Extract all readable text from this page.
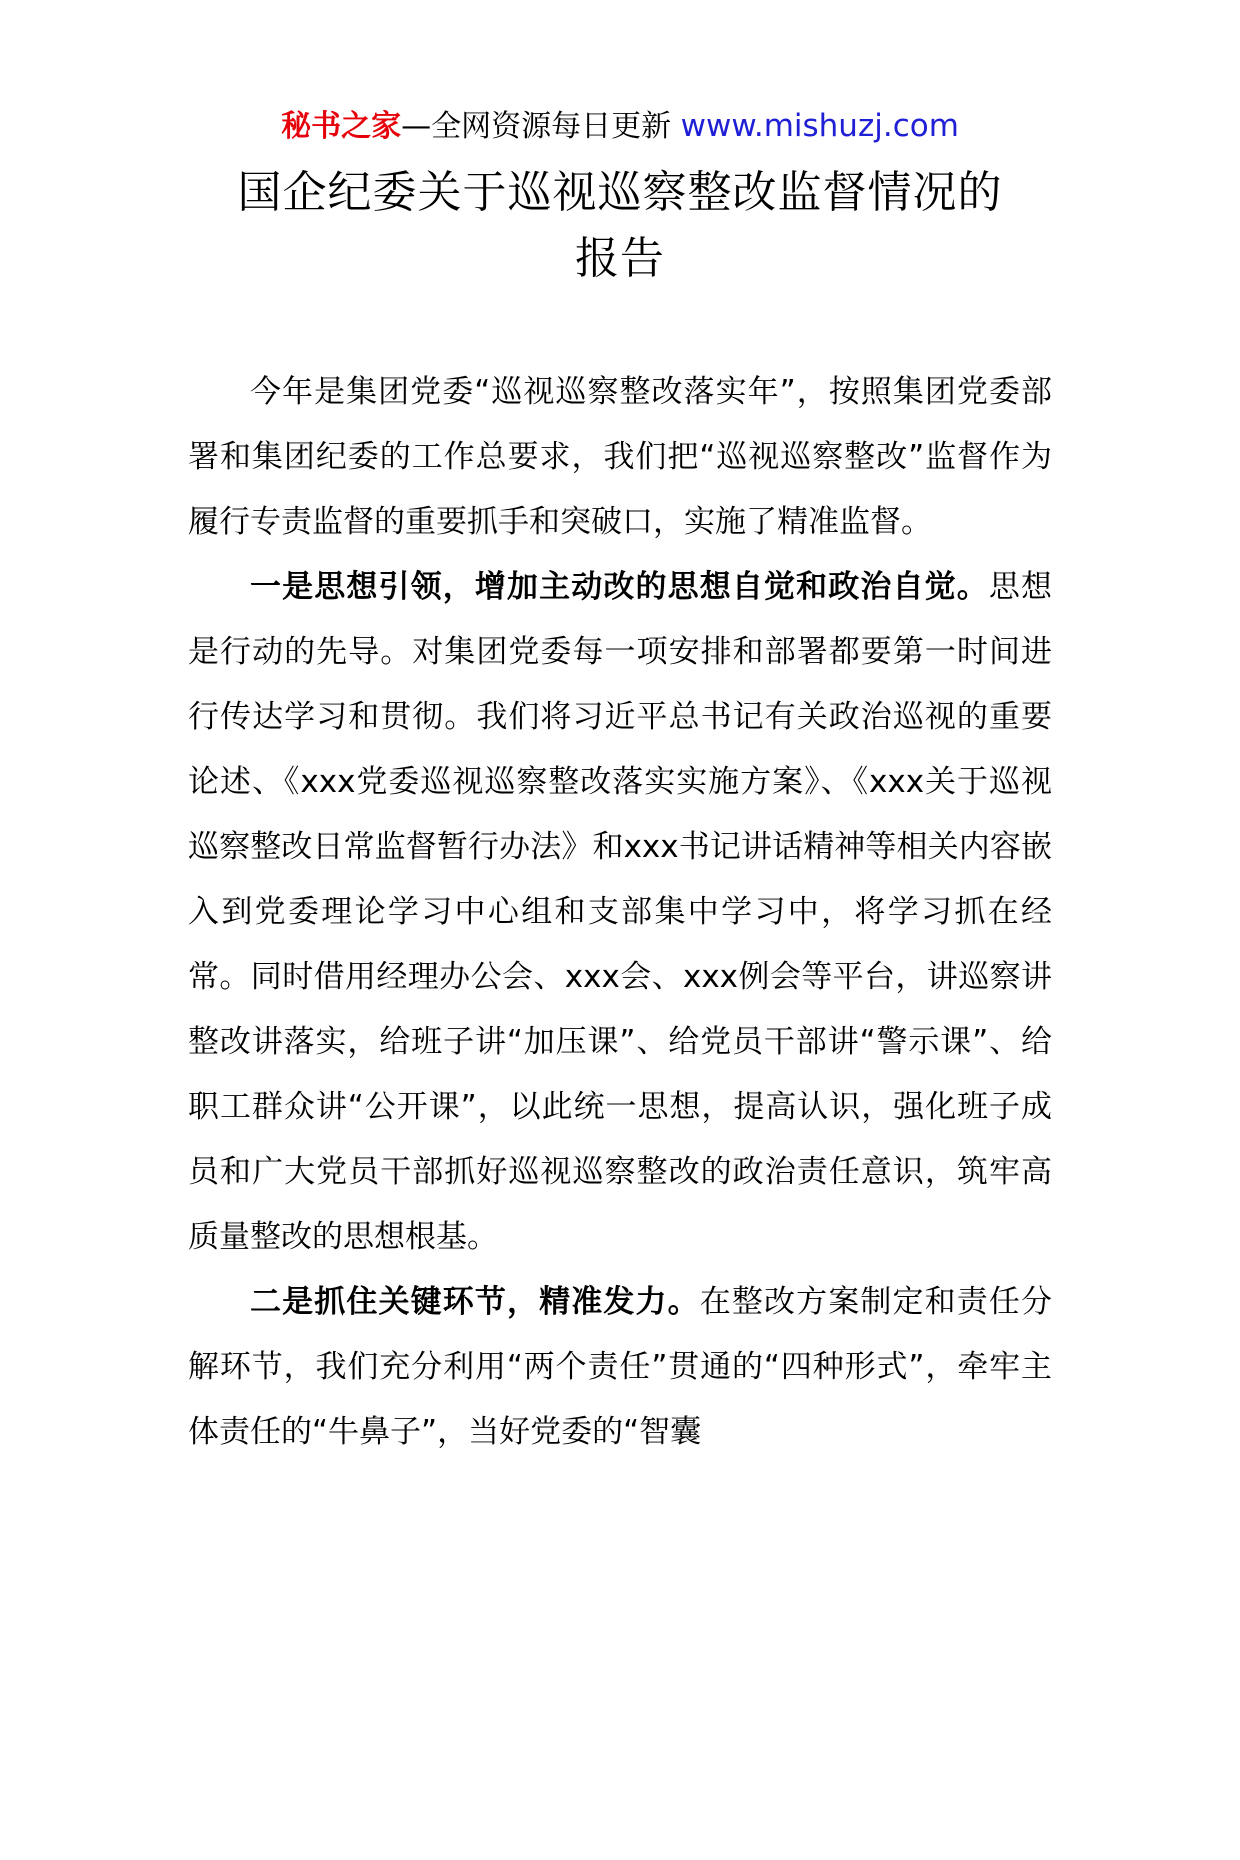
秘书之家—全网资源每日更新 www.mishuzj.com
国企纪委关于巡视巡察整改监督情况的
报告

今年是集团党委“巡视巡察整改落实年”，按照集团党委部署和集团纪委的工作总要求，我们把“巡视巡察整改”监督作为履行专责监督的重要抓手和突破口，实施了精准监督。

一是思想引领，增加主动改的思想自觉和政治自觉。思想是行动的先导。对集团党委每一项安排和部署都要第一时间进行传达学习和贯彻。我们将习近平总书记有关政治巡视的重要论述、《xxx党委巡视巡察整改落实实施方案》、《xxx关于巡视巡察整改日常监督暂行办法》和xxx书记讲话精神等相关内容嵌入到党委理论学习中心组和支部集中学习中，将学习抓在经常。同时借用经理办公会、xxx会、xxx例会等平台，讲巡察讲整改讲落实，给班子讲“加压课”、给党员干部讲“警示课”、给职工群众讲“公开课”，以此统一思想，提高认识，强化班子成员和广大党员干部抓好巡视巡察整改的政治责任意识，筑牢高质量整改的思想根基。

二是抓住关键环节，精准发力。在整改方案制定和责任分解环节，我们充分利用“两个责任”贯通的“四种形式”，牵牢主体责任的“牛鼻子”，当好党委的“智囊
